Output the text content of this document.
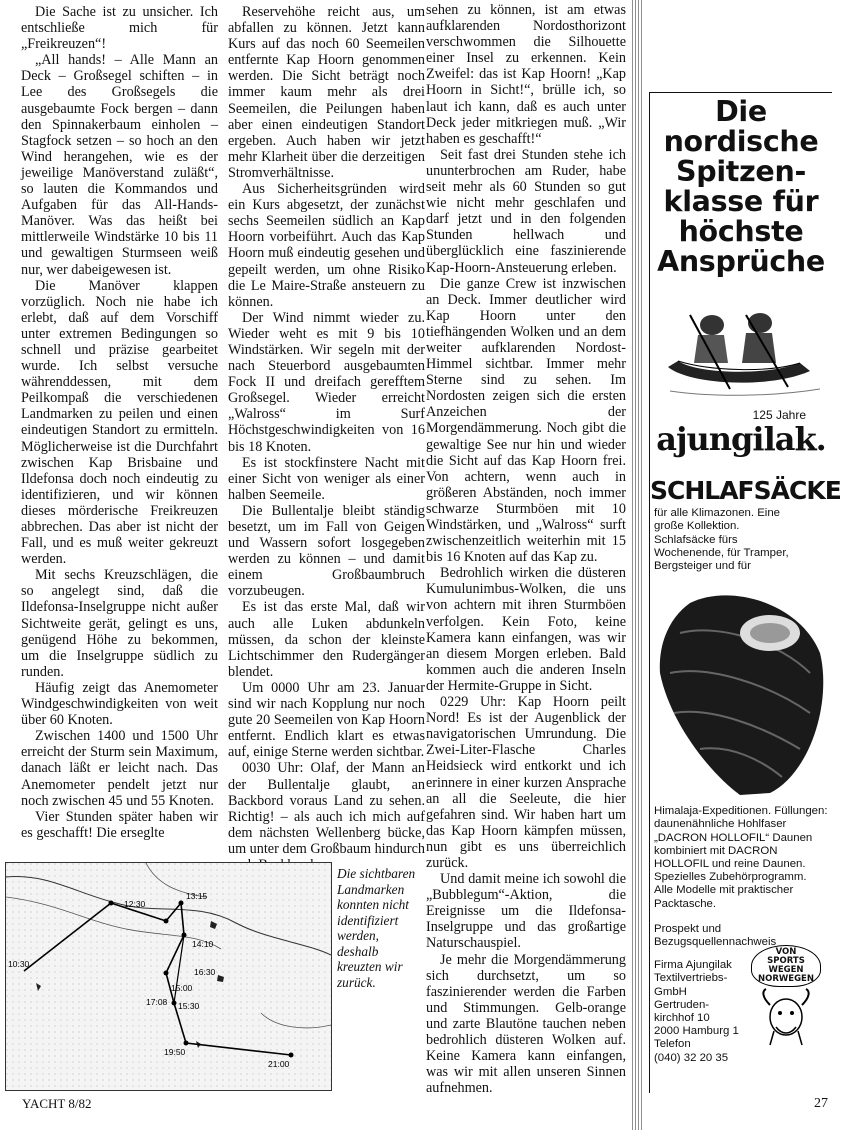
Die Sache ist zu unsicher. Ich entschließe mich für „Freikreuzen“!

„All hands! – Alle Mann an Deck – Großsegel schiften – in Lee des Großsegels die ausgebaumte Fock bergen – dann den Spinnakerbaum einholen – Stagfock setzen – so hoch an den Wind herangehen, wie es der jeweilige Manöverstand zuläßt“, so lauten die Kommandos und Aufgaben für das All-Hands-Manöver. Was das heißt bei mittlerweile Windstärke 10 bis 11 und gewaltigen Sturmseen weiß nur, wer dabeigewesen ist.

Die Manöver klappen vorzüglich. Noch nie habe ich erlebt, daß auf dem Vorschiff unter extremen Bedingungen so schnell und präzise gearbeitet wurde. Ich selbst versuche währenddessen, mit dem Peilkompaß die verschiedenen Landmarken zu peilen und einen eindeutigen Standort zu ermitteln. Möglicherweise ist die Durchfahrt zwischen Kap Brisbaine und Ildefonsa doch noch eindeutig zu identifizieren, und wir können dieses mörderische Freikreuzen abbrechen. Das aber ist nicht der Fall, und es muß weiter gekreuzt werden.

Mit sechs Kreuzschlägen, die so angelegt sind, daß die Ildefonsa-Inselgruppe nicht außer Sichtweite gerät, gelingt es uns, genügend Höhe zu bekommen, um die Inselgruppe südlich zu runden.

Häufig zeigt das Anemometer Windgeschwindigkeiten von weit über 60 Knoten.

Zwischen 1400 und 1500 Uhr erreicht der Sturm sein Maximum, danach läßt er leicht nach. Das Anemometer pendelt jetzt nur noch zwischen 45 und 55 Knoten.

Vier Stunden später haben wir es geschafft! Die erseglte

Reservehöhe reicht aus, um abfallen zu können. Jetzt kann Kurs auf das noch 60 Seemeilen entfernte Kap Hoorn genommen werden. Die Sicht beträgt noch immer kaum mehr als drei Seemeilen, die Peilungen haben aber einen eindeutigen Standort ergeben. Auch haben wir jetzt mehr Klarheit über die derzeitigen Stromverhältnisse.

Aus Sicherheitsgründen wird ein Kurs abgesetzt, der zunächst sechs Seemeilen südlich an Kap Hoorn vorbeiführt. Auch das Kap Hoorn muß eindeutig gesehen und gepeilt werden, um ohne Risiko die Le Maire-Straße ansteuern zu können.

Der Wind nimmt wieder zu. Wieder weht es mit 9 bis 10 Windstärken. Wir segeln mit der nach Steuerbord ausgebaumten Fock II und dreifach gerefftem Großsegel. Wieder erreicht „Walross“ im Surf Höchstgeschwindigkeiten von 16 bis 18 Knoten.

Es ist stockfinstere Nacht mit einer Sicht von weniger als einer halben Seemeile.

Die Bullentalje bleibt ständig besetzt, um im Fall von Geigen und Wassern sofort losgegeben werden zu können – und damit einem Großbaumbruch vorzubeugen.

Es ist das erste Mal, daß wir auch alle Luken abdunkeln müssen, da schon der kleinste Lichtschimmer den Rudergänger blendet.

Um 0000 Uhr am 23. Januar sind wir nach Kopplung nur noch gute 20 Seemeilen von Kap Hoorn entfernt. Endlich klart es etwas auf, einige Sterne werden sichtbar.

0030 Uhr: Olaf, der Mann an der Bullentalje glaubt, an Backbord voraus Land zu sehen. Richtig! – als auch ich mich auf dem nächsten Wellenberg bücke, um unter dem Großbaum hindurch

sehen zu können, ist am etwas aufklarenden Nordosthorizont verschwommen die Silhouette einer Insel zu erkennen. Kein Zweifel: das ist Kap Hoorn! „Kap Hoorn in Sicht!“, brülle ich, so laut ich kann, daß es auch unter Deck jeder mitkriegen muß. „Wir haben es geschafft!“

Seit fast drei Stunden stehe ich ununterbrochen am Ruder, habe seit mehr als 60 Stunden so gut wie nicht mehr geschlafen und darf jetzt und in den folgenden Stunden hellwach und überglücklich eine faszinierende Kap-Hoorn-Ansteuerung erleben.

Die ganze Crew ist inzwischen an Deck. Immer deutlicher wird Kap Hoorn unter den tiefhängenden Wolken und an dem weiter aufklarenden Nordost-Himmel sichtbar. Immer mehr Sterne sind zu sehen. Im Nordosten zeigen sich die ersten Anzeichen der Morgendämmerung. Noch gibt die gewaltige See nur hin und wieder die Sicht auf das Kap Hoorn frei. Von achtern, wenn auch in größeren Abständen, noch immer schwarze Sturmböen mit 10 Windstärken, und „Walross“ surft zwischenzeitlich weiterhin mit 15 bis 16 Knoten auf das Kap zu.

Bedrohlich wirken die düsteren Kumulunimbus-Wolken, die uns von achtern mit ihren Sturmböen verfolgen. Kein Foto, keine Kamera kann einfangen, was wir an diesem Morgen erleben. Bald kommen auch die anderen Inseln der Hermite-Gruppe in Sicht.

0229 Uhr: Kap Hoorn peilt Nord! Es ist der Augenblick der navigatorischen Umrundung. Die Zwei-Liter-Flasche Charles Heidsieck wird entkorkt und ich erinnere in einer kurzen Ansprache an all die Seeleute, die hier gefahren sind. Wir haben hart um das Kap Hoorn kämpfen müssen, nun gibt es uns überreichlich zurück.

Und damit meine ich sowohl die „Bubblegum“-Aktion, die Ereignisse um die Ildefonsa-Inselgruppe und das großartige Naturschauspiel.

Je mehr die Morgendämmerung sich durchsetzt, um so faszinierender werden die Farben und Stimmungen. Gelb-orange und zarte Blautöne tauchen neben bedrohlich düsteren Wolken auf. Keine Kamera kann einfangen, was wir mit allen unseren Sinnen aufnehmen.

12:30
13:15
10:30
14:10
15:00
16:30
15:30
17:08
19:50
21:00
Die sichtbaren Landmarken konnten nicht identifiziert werden, deshalb kreuzten wir zurück.
Die
nordische
Spitzen-
klasse für
höchste
Ansprüche
125 Jahre
ajungilak.
SCHLAFSÄCKE
für alle Klimazonen. Eine große Kollektion. Schlafsäcke fürs Wochenende, für Tramper, Bergsteiger und für
Himalaja-Expeditionen. Füllungen: daunenähnliche Hohlfaser „DACRON HOLLOFIL“ Daunen kombiniert mit DACRON HOLLOFIL und reine Daunen. Spezielles Zubehörprogramm. Alle Modelle mit praktischer Packtasche.
Prospekt und Bezugsquellennachweis
Firma Ajungilak
Textilvertriebs-
GmbH
Gertruden-
kirchhof 10
2000 Hamburg 1
Telefon
(040) 32 20 35
VON
SPORTS
WEGEN
NORWEGEN
YACHT 8/82	27
